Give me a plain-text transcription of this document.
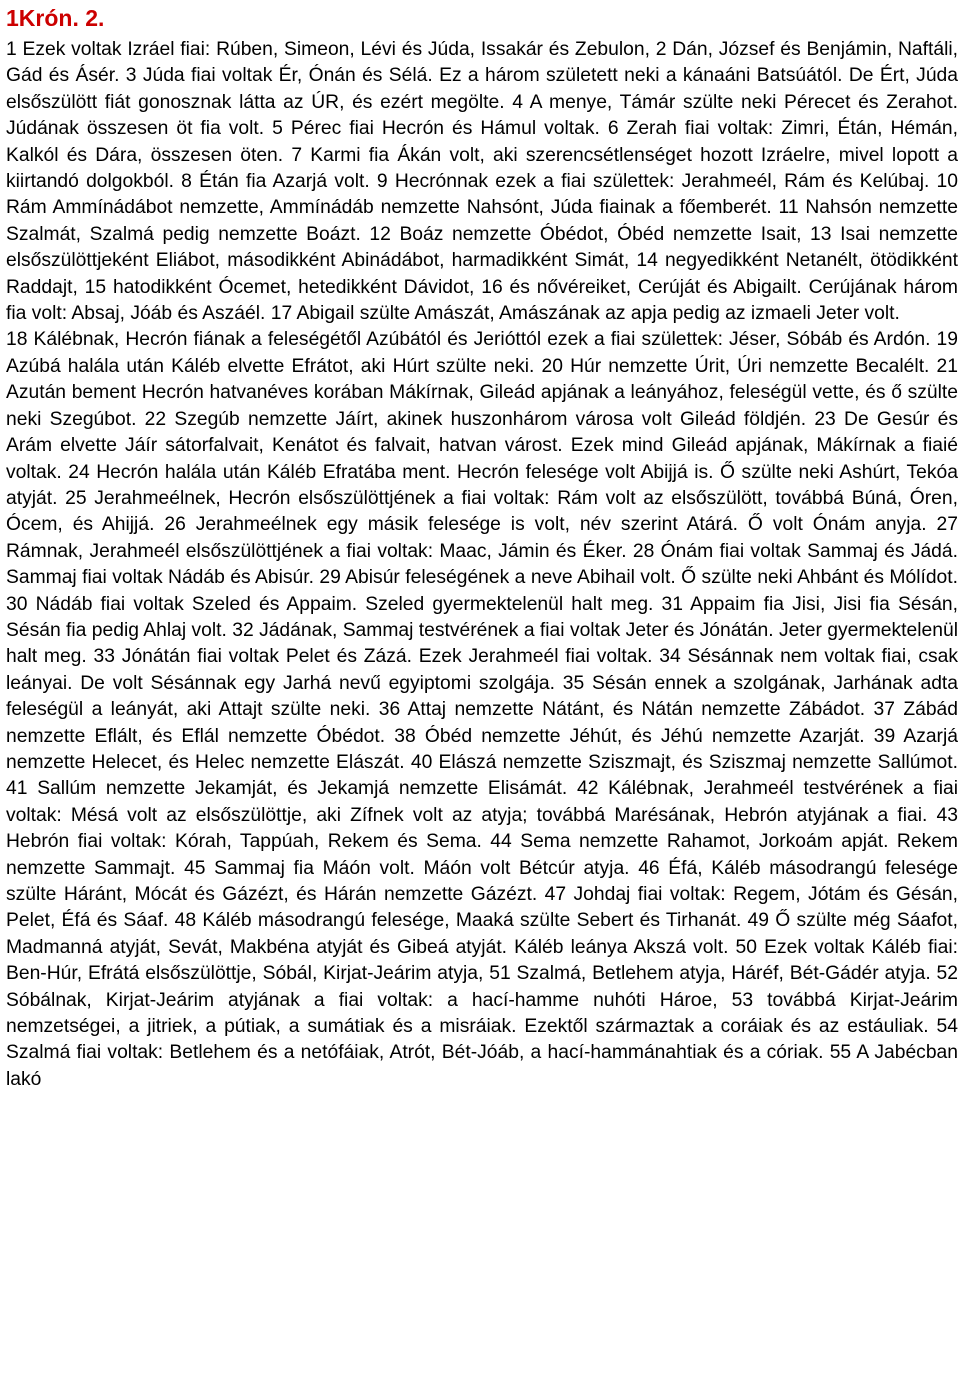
1Krón. 2.

1 Ezek voltak Izráel fiai: Rúben, Simeon, Lévi és Júda, Issakár és Zebulon, 2 Dán, József és Benjámin, Naftáli, Gád és Ásér. 3 Júda fiai voltak Ér, Ónán és Sélá. Ez a három született neki a kánaáni Batsúától. De Ért, Júda elsőszülött fiát gonosznak látta az ÚR, és ezért megölte. 4 A menye, Támár szülte neki Pérecet és Zerahot. Júdának összesen öt fia volt. 5 Pérec fiai Hecrón és Hámul voltak. 6 Zerah fiai voltak: Zimri, Étán, Hémán, Kalkól és Dára, összesen öten. 7 Karmi fia Ákán volt, aki szerencsétlenséget hozott Izráelre, mivel lopott a kiirtandó dolgokból. 8 Étán fia Azarjá volt. 9 Hecrónnak ezek a fiai születtek: Jerahmeél, Rám és Kelúbaj. 10 Rám Ammínádábot nemzette, Ammínádáb nemzette Nahsónt, Júda fiainak a főemberét. 11 Nahsón nemzette Szalmát, Szalmá pedig nemzette Boázt. 12 Boáz nemzette Óbédot, Óbéd nemzette Isait, 13 Isai nemzette elsőszülöttjeként Eliábot, másodikként Abinádábot, harmadikként Simát, 14 negyedikként Netanélt, ötödikként Raddajt, 15 hatodikként Ócemet, hetedikként Dávidot, 16 és nővéreiket, Cerúját és Abigailt. Cerújának három fia volt: Absaj, Jóáb és Aszáél. 17 Abigail szülte Amászát, Amászának az apja pedig az izmaeli Jeter volt.

18 Kálébnak, Hecrón fiának a feleségétől Azúbától és Jerióttól ezek a fiai születtek: Jéser, Sóbáb és Ardón. 19 Azúbá halála után Káléb elvette Efrátot, aki Húrt szülte neki. 20 Húr nemzette Úrit, Úri nemzette Becalélt. 21 Azután bement Hecrón hatvanéves korában Mákírnak, Gileád apjának a leányához, feleségül vette, és ő szülte neki Szegúbot. 22 Szegúb nemzette Jáírt, akinek huszonhárom városa volt Gileád földjén. 23 De Gesúr és Arám elvette Jáír sátorfalvait, Kenátot és falvait, hatvan várost. Ezek mind Gileád apjának, Mákírnak a fiaié voltak. 24 Hecrón halála után Káléb Efratába ment. Hecrón felesége volt Abijjá is. Ő szülte neki Ashúrt, Tekóa atyját. 25 Jerahmeélnek, Hecrón elsőszülöttjének a fiai voltak: Rám volt az elsőszülött, továbbá Búná, Óren, Ócem, és Ahijjá. 26 Jerahmeélnek egy másik felesége is volt, név szerint Atárá. Ő volt Ónám anyja. 27 Rámnak, Jerahmeél elsőszülöttjének a fiai voltak: Maac, Jámin és Éker. 28 Ónám fiai voltak Sammaj és Jádá. Sammaj fiai voltak Nádáb és Abisúr. 29 Abisúr feleségének a neve Abihail volt. Ő szülte neki Ahbánt és Mólídot. 30 Nádáb fiai voltak Szeled és Appaim. Szeled gyermektelenül halt meg. 31 Appaim fia Jisi, Jisi fia Sésán, Sésán fia pedig Ahlaj volt. 32 Jádának, Sammaj testvérének a fiai voltak Jeter és Jónátán. Jeter gyermektelenül halt meg. 33 Jónátán fiai voltak Pelet és Zázá. Ezek Jerahmeél fiai voltak. 34 Sésánnak nem voltak fiai, csak leányai. De volt Sésánnak egy Jarhá nevű egyiptomi szolgája. 35 Sésán ennek a szolgának, Jarhának adta feleségül a leányát, aki Attajt szülte neki. 36 Attaj nemzette Nátánt, és Nátán nemzette Zábádot. 37 Zábád nemzette Eflált, és Eflál nemzette Óbédot. 38 Óbéd nemzette Jéhút, és Jéhú nemzette Azarját. 39 Azarjá nemzette Helecet, és Helec nemzette Elászát. 40 Elászá nemzette Sziszmajt, és Sziszmaj nemzette Sallúmot. 41 Sallúm nemzette Jekamját, és Jekamjá nemzette Elisámát. 42 Kálébnak, Jerahmeél testvérének a fiai voltak: Mésá volt az elsőszülöttje, aki Zífnek volt az atyja; továbbá Marésának, Hebrón atyjának a fiai. 43 Hebrón fiai voltak: Kórah, Tappúah, Rekem és Sema. 44 Sema nemzette Rahamot, Jorkoám apját. Rekem nemzette Sammajt. 45 Sammaj fia Máón volt. Máón volt Bétcúr atyja. 46 Éfá, Káléb másodrangú felesége szülte Háránt, Mócát és Gázézt, és Hárán nemzette Gázézt. 47 Johdaj fiai voltak: Regem, Jótám és Gésán, Pelet, Éfá és Sáaf. 48 Káléb másodrangú felesége, Maaká szülte Sebert és Tirhanát. 49 Ő szülte még Sáafot, Madmanná atyját, Sevát, Makbéna atyját és Gibeá atyját. Káléb leánya Akszá volt. 50 Ezek voltak Káléb fiai: Ben-Húr, Efrátá elsőszülöttje, Sóbál, Kirjat-Jeárim atyja, 51 Szalmá, Betlehem atyja, Háréf, Bét-Gádér atyja. 52 Sóbálnak, Kirjat-Jeárim atyjának a fiai voltak: a hací-hamme nuhóti Hároe, 53 továbbá Kirjat-Jeárim nemzetségei, a jitriek, a pútiak, a sumátiak és a misráiak. Ezektől származtak a coráiak és az estáuliak. 54 Szalmá fiai voltak: Betlehem és a netófáiak, Atrót, Bét-Jóáb, a hací-hammánahtiak és a córiak. 55 A Jabécban lakó
